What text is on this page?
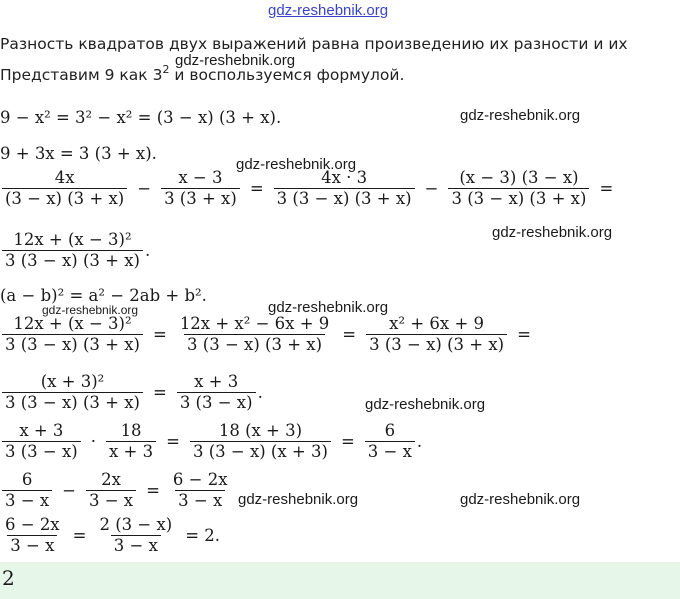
gdz-reshebnik.org
gdz-reshebnik.org
gdz-reshebnik.org
gdz-reshebnik.org
gdz-reshebnik.org
gdz-reshebnik.org
gdz-reshebnik.org
gdz-reshebnik.org
gdz-reshebnik.org	gdz-reshebnik.org
Разность квадратов двух выражений равна произведению их разности и их
Представим 9 как $3^2$ и воспользуемся формулой.
9 − x² = 3² − x² = (3 − x) (3 + x).
9 + 3x = 3 (3 + x).
$\frac{4x}{(3 - x) (3 + x)} - \frac{x - 3}{3 (3 + x)} = \frac{4x \cdot 3}{3 (3 - x) (3 + x)} - \frac{(x - 3) (3 - x)}{3 (3 - x) (3 + x)}$ =
$\frac{\text{12x + (x − 3)²}}{3 (3 - x) (3 + x)}$ .
(a − b)² = a² − 2ab + b².
$\frac{\text{12x + (x − 3)²}}{3 (3 - x) (3 + x)} = \frac{\text{12x + x² − 6x + 9}}{3 (3 - x) (3 + x)} = \frac{\text{x² + 6x + 9}}{3 (3 - x) (3 + x)}$ =
$\frac{\text{(x + 3)²}}{3 (3 - x) (3 + x)} = \frac{x + 3}{3 (3 - x)}$ .
$\frac{x + 3}{3 (3 - x)} \cdot \frac{18}{x + 3} = \frac{18 (x + 3)}{3 (3 - x) (x + 3)} = \frac{6}{3 - x}$ .
$\frac{6}{3 - x} - \frac{2x}{3 - x} = \frac{6 - 2x}{3 - x}$
$\frac{6 - 2x}{3 - x} = \frac{2 (3 - x)}{3 - x} = 2$.
2
